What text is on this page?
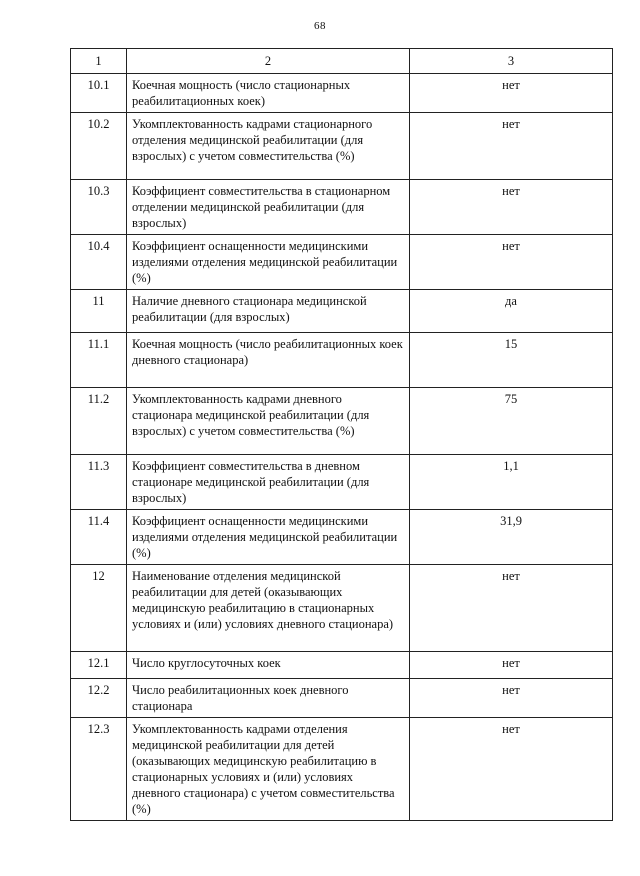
68
1	2	3
10.1	Коечная мощность (число стационарных реабилитационных коек)	нет
10.2	Укомплектованность кадрами стационарного отделения медицинской реабилитации (для взрослых) с учетом совместительства (%)	нет
10.3	Коэффициент совместительства в стационарном отделении медицинской реабилитации (для взрослых)	нет
10.4	Коэффициент оснащенности медицинскими изделиями отделения медицинской реабилитации (%)	нет
11	Наличие дневного стационара медицинской реабилитации (для взрослых)	да
11.1	Коечная мощность (число реабилитационных коек дневного стационара)	15
11.2	Укомплектованность кадрами дневного стационара медицинской реабилитации (для взрослых) с учетом совместительства (%)	75
11.3	Коэффициент совместительства в дневном стационаре медицинской реабилитации (для взрослых)	1,1
11.4	Коэффициент оснащенности медицинскими изделиями отделения медицинской реабилитации (%)	31,9
12	Наименование отделения медицинской реабилитации для детей (оказывающих медицинскую реабилитацию в стационарных условиях и (или) условиях дневного стационара)	нет
12.1	Число круглосуточных коек	нет
12.2	Число реабилитационных коек дневного стационара	нет
12.3	Укомплектованность кадрами отделения медицинской реабилитации для детей (оказывающих медицинскую реабилитацию в стационарных условиях и (или) условиях дневного стационара) с учетом совместительства (%)	нет
